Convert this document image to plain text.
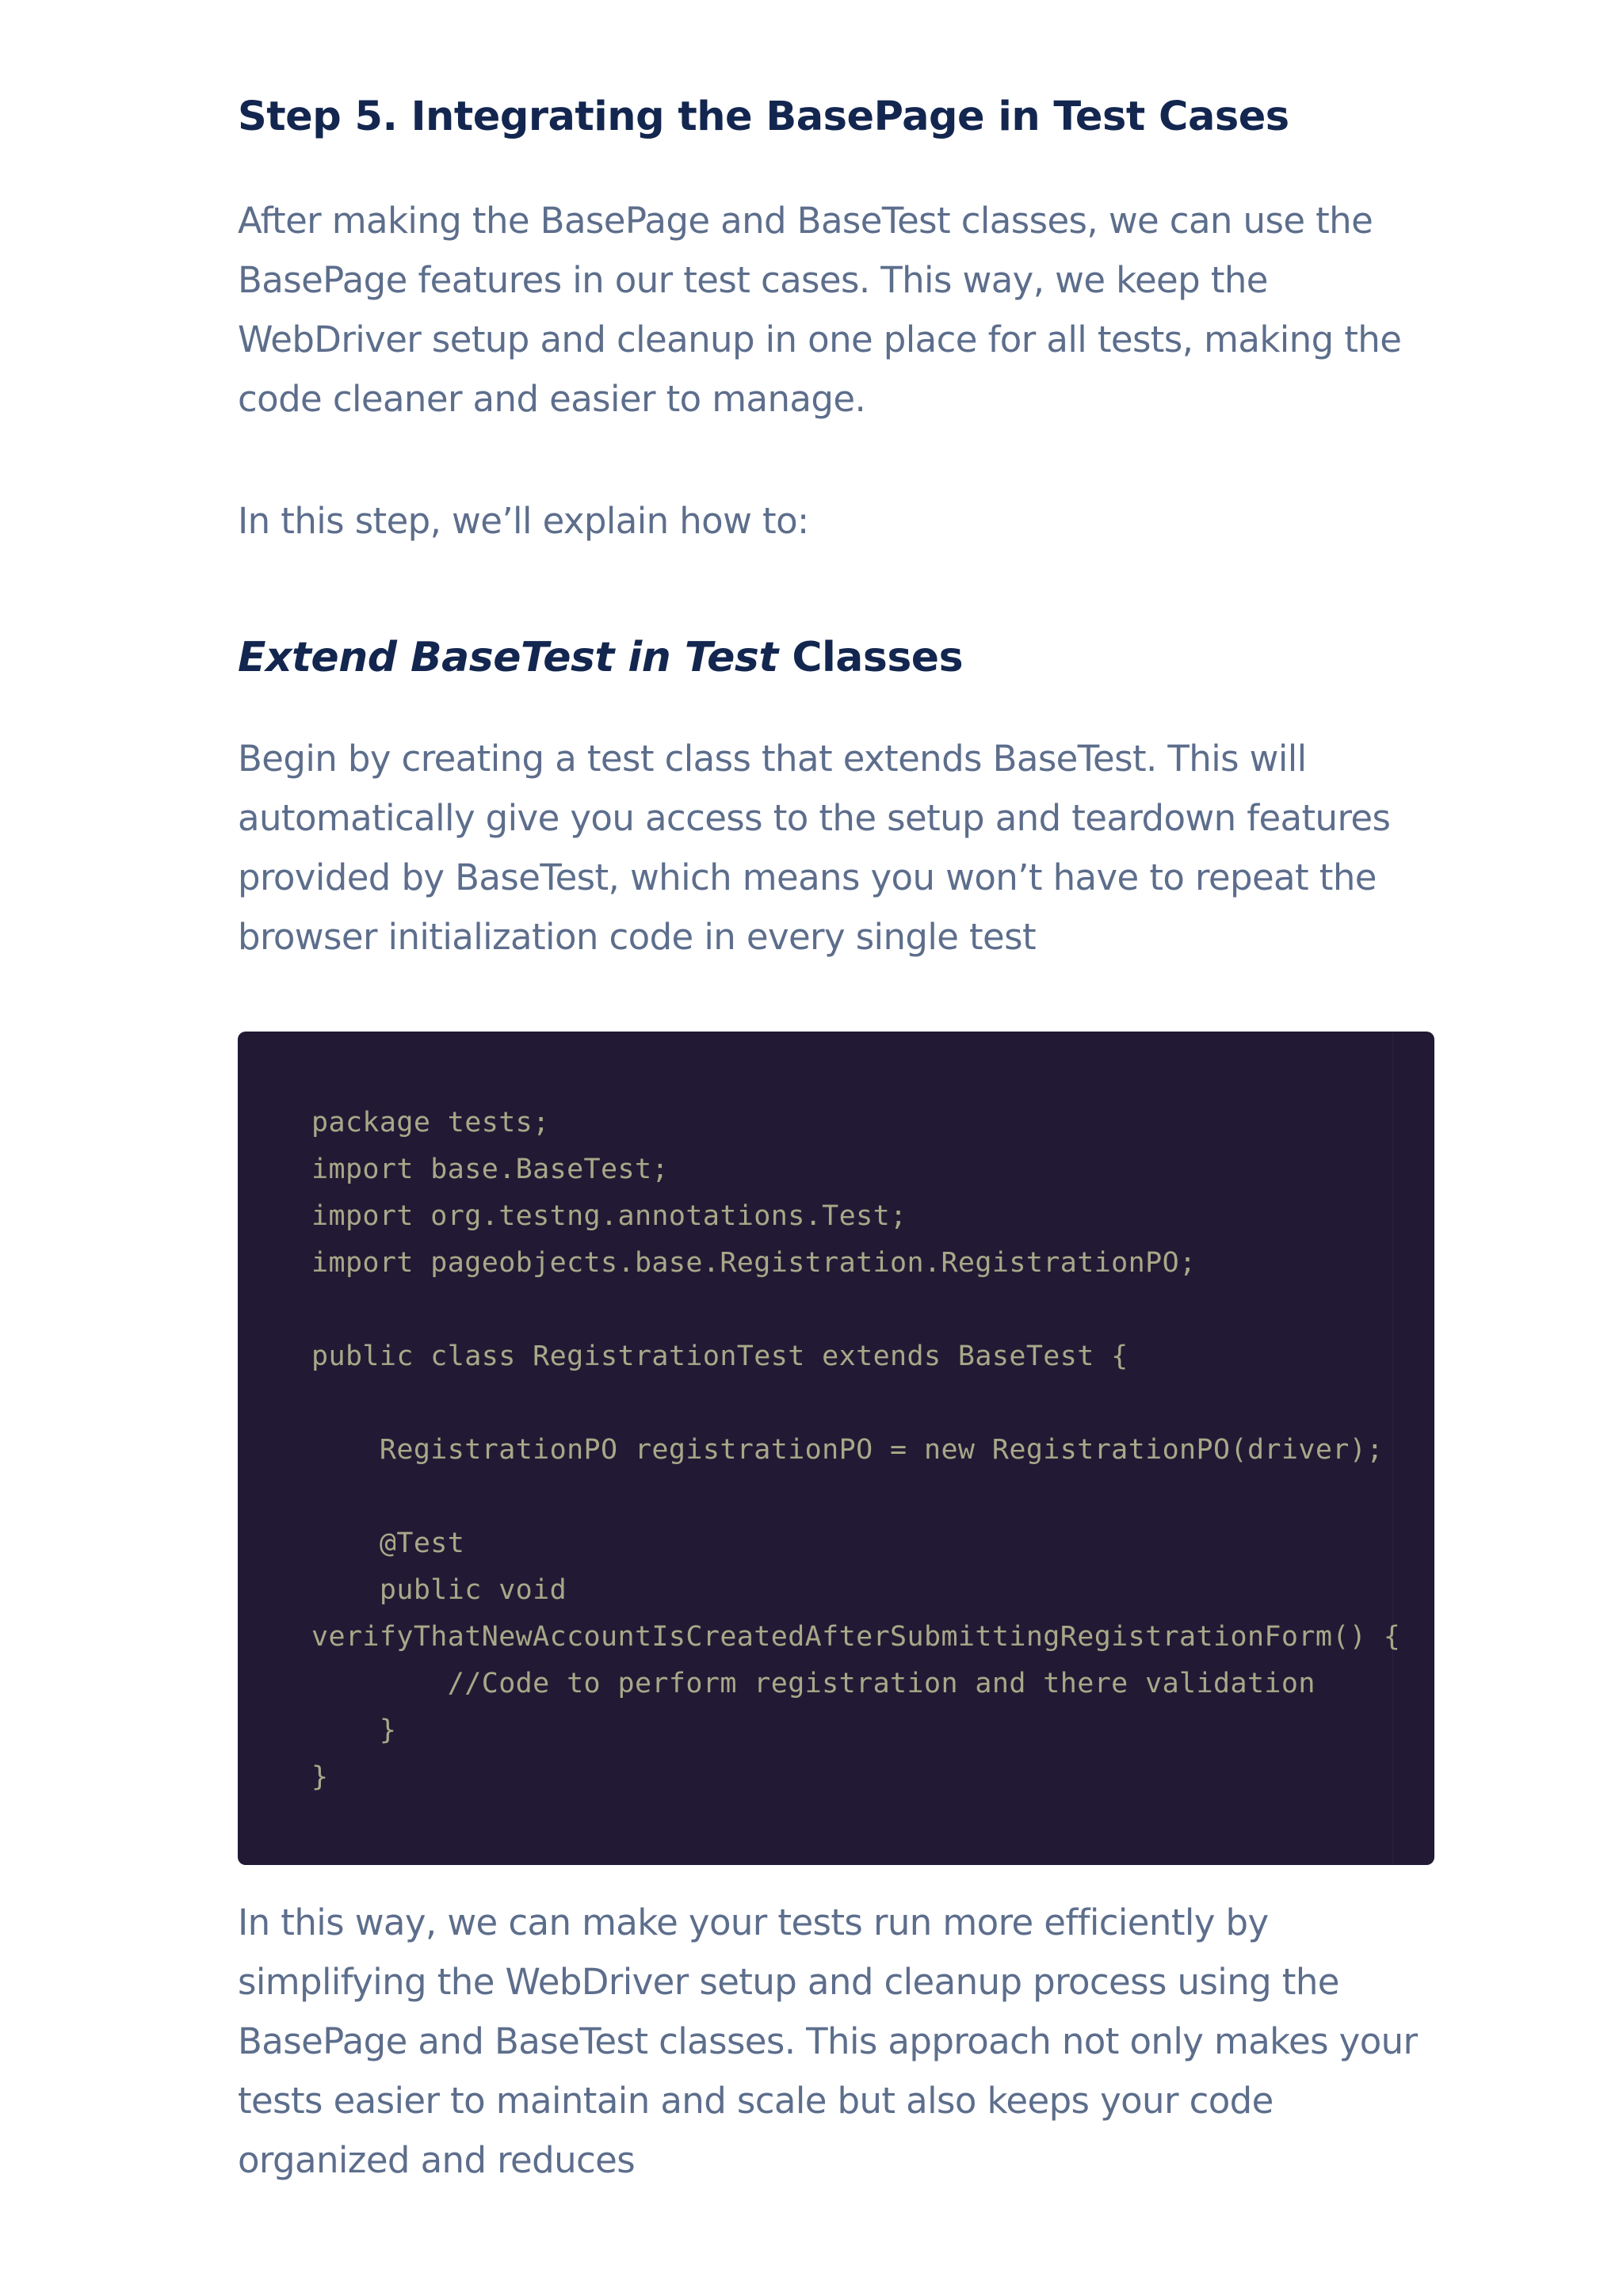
Step 5. Integrating the BasePage in Test Cases

After making the BasePage and BaseTest classes, we can use the BasePage features in our test cases. This way, we keep the WebDriver setup and cleanup in one place for all tests, making the code cleaner and easier to manage.

In this step, we’ll explain how to:

Extend BaseTest in Test Classes

Begin by creating a test class that extends BaseTest. This will automatically give you access to the setup and teardown features provided by BaseTest, which means you won’t have to repeat the browser initialization code in every single test

package tests;
import base.BaseTest;
import org.testng.annotations.Test;
import pageobjects.base.Registration.RegistrationPO;

public class RegistrationTest extends BaseTest {

RegistrationPO registrationPO = new RegistrationPO(driver);

@Test
public void
verifyThatNewAccountIsCreatedAfterSubmittingRegistrationForm() {
//Code to perform registration and there validation
}
}

In this way, we can make your tests run more efficiently by simplifying the WebDriver setup and cleanup process using the BasePage and BaseTest classes. This approach not only makes your tests easier to maintain and scale but also keeps your code organized and reduces
